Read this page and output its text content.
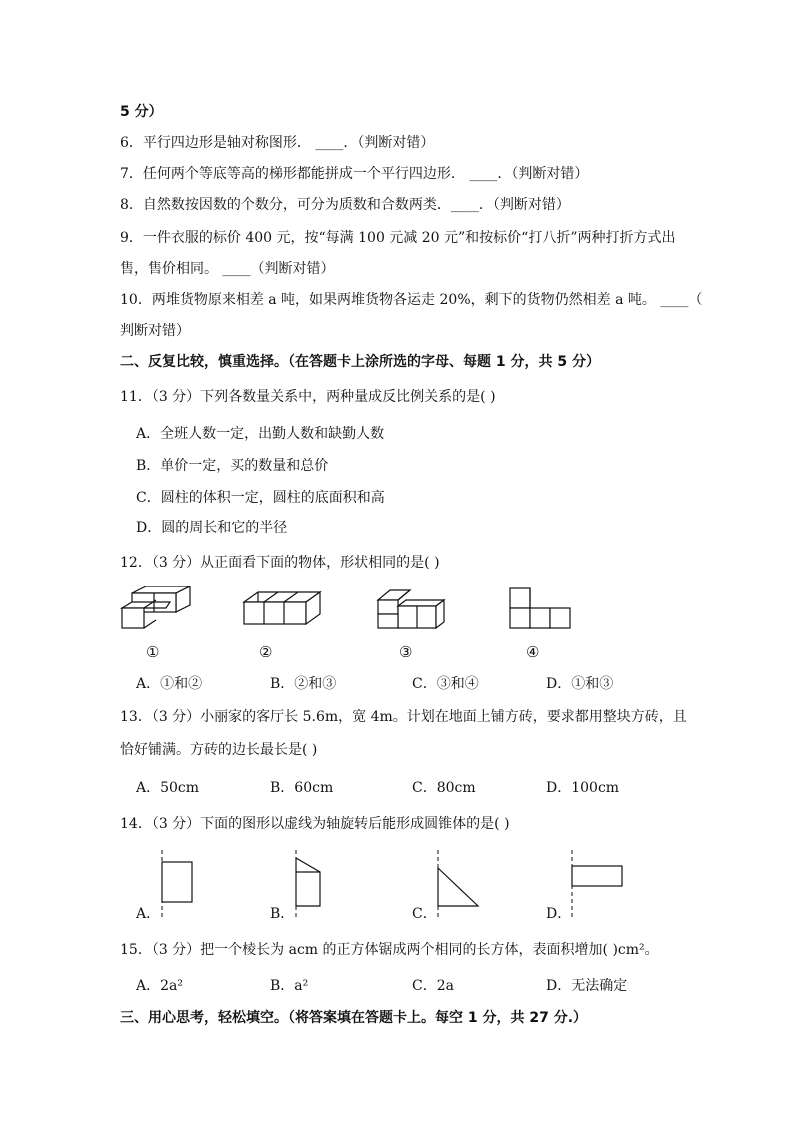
5 分）
6．平行四边形是轴对称图形． ____．（判断对错）
7．任何两个等底等高的梯形都能拼成一个平行四边形． ____．（判断对错）
8．自然数按因数的个数分，可分为质数和合数两类．____．（判断对错）
9．一件衣服的标价 400 元，按“每满 100 元减 20 元”和按标价“打八折”两种打折方式出
售，售价相同。 ____（判断对错）
10．两堆货物原来相差 a 吨，如果两堆货物各运走 20%，剩下的货物仍然相差 a 吨。 ____（
判断对错）
二、反复比较，慎重选择。（在答题卡上涂所选的字母、每题 1 分，共 5 分）
11．（3 分）下列各数量关系中，两种量成反比例关系的是( )
A．全班人数一定，出勤人数和缺勤人数
B．单价一定，买的数量和总价
C．圆柱的体积一定，圆柱的底面积和高
D．圆的周长和它的半径
12．（3 分）从正面看下面的物体，形状相同的是( )
①	②	③	④
A．①和②	B．②和③	C．③和④	D．①和③
13．（3 分）小丽家的客厅长 5.6m，宽 4m。计划在地面上铺方砖，要求都用整块方砖，且
恰好铺满。方砖的边长最长是( )
A．50cm	B．60cm	C．80cm	D．100cm
14．（3 分）下面的图形以虚线为轴旋转后能形成圆锥体的是( )
A．	B．	C．	D．
15．（3 分）把一个棱长为 acm 的正方体锯成两个相同的长方体，表面积增加( )cm²。
A．2a²	B．a²	C．2a	D．无法确定
三、用心思考，轻松填空。（将答案填在答题卡上。每空 1 分，共 27 分.）
